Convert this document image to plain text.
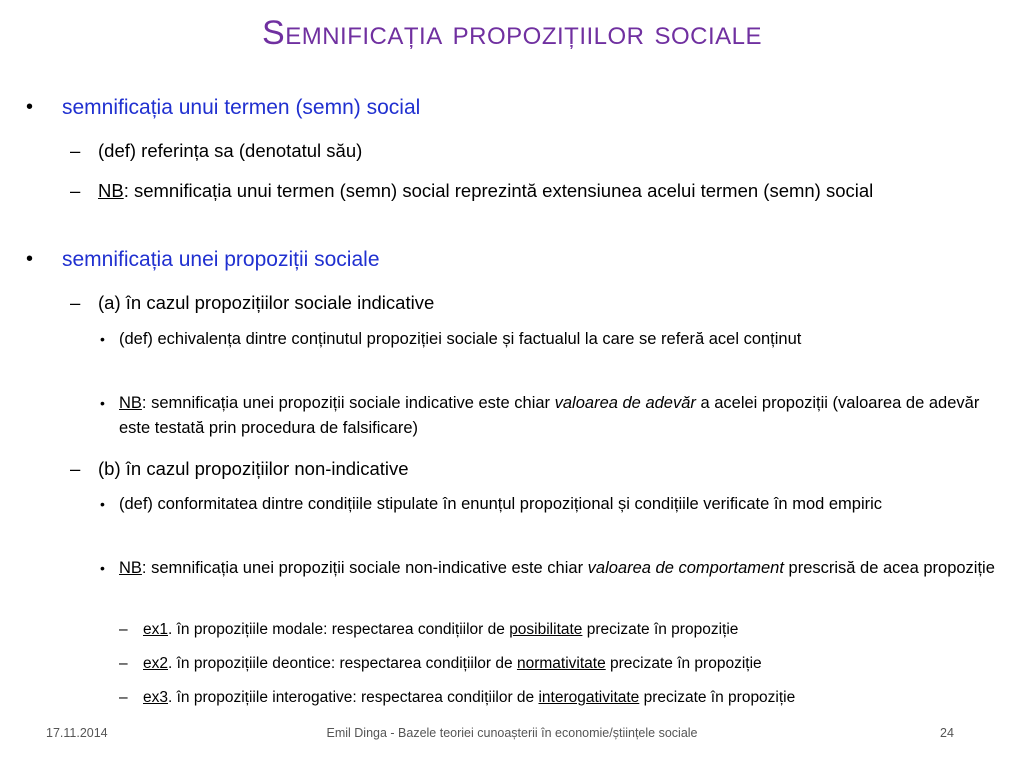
Semnificația propozițiilor sociale
• semnificația unui termen (semn) social
– (def) referința sa (denotatul său)
– NB: semnificația unui termen (semn) social reprezintă extensiunea acelui termen (semn) social
• semnificația unei propoziții sociale
– (a) în cazul propozițiilor sociale indicative
• (def) echivalența dintre conținutul propoziției sociale și factualul la care se referă acel conținut
• NB: semnificația unei propoziții sociale indicative este chiar valoarea de adevăr a acelei propoziții (valoarea de adevăr este testată prin procedura de falsificare)
– (b) în cazul propozițiilor non-indicative
• (def) conformitatea dintre condițiile stipulate în enunțul propozițional și condițiile verificate în mod empiric
• NB: semnificația unei propoziții sociale non-indicative este chiar valoarea de comportament prescrisă de acea propoziție
– ex1. în propozițiile modale: respectarea condițiilor de posibilitate precizate în propoziție
– ex2. în propozițiile deontice: respectarea condițiilor de normativitate precizate în propoziție
– ex3. în propozițiile interogative: respectarea condițiilor de interogativitate precizate în propoziție
17.11.2014	Emil Dinga - Bazele teoriei cunoașterii în economie/științele sociale	24
